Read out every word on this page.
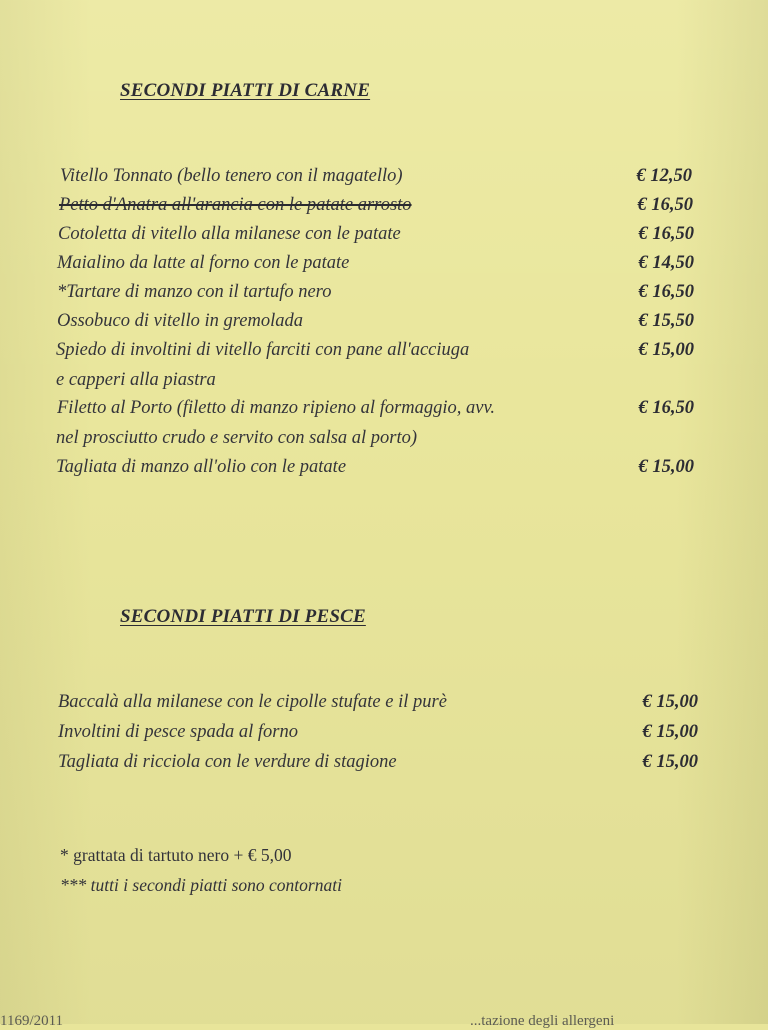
SECONDI PIATTI DI CARNE
Vitello Tonnato (bello tenero con il magatello)	€ 12,50
Petto d'Anatra all'arancia con le patate arrosto	€ 16,50
Cotoletta di vitello alla milanese con le patate	€ 16,50
Maialino da latte al forno con le patate	€ 14,50
*Tartare di manzo con il tartufo nero	€ 16,50
Ossobuco di vitello in gremolada	€ 15,50
Spiedo di involtini di vitello farciti con pane all'acciuga	€ 15,00
e capperi alla piastra
Filetto al Porto (filetto di manzo ripieno al formaggio, avv.	€ 16,50
nel prosciutto crudo e servito con salsa al porto)
Tagliata di manzo all'olio con le patate	€ 15,00
SECONDI PIATTI DI PESCE
Baccalà alla milanese con le cipolle stufate e il purè	€ 15,00
Involtini di pesce spada al forno	€ 15,00
Tagliata di ricciola con le verdure di stagione	€ 15,00
* grattata di tartuto nero + € 5,00
*** tutti i secondi piatti sono contornati
1169/2011	...tazione degli allergeni
